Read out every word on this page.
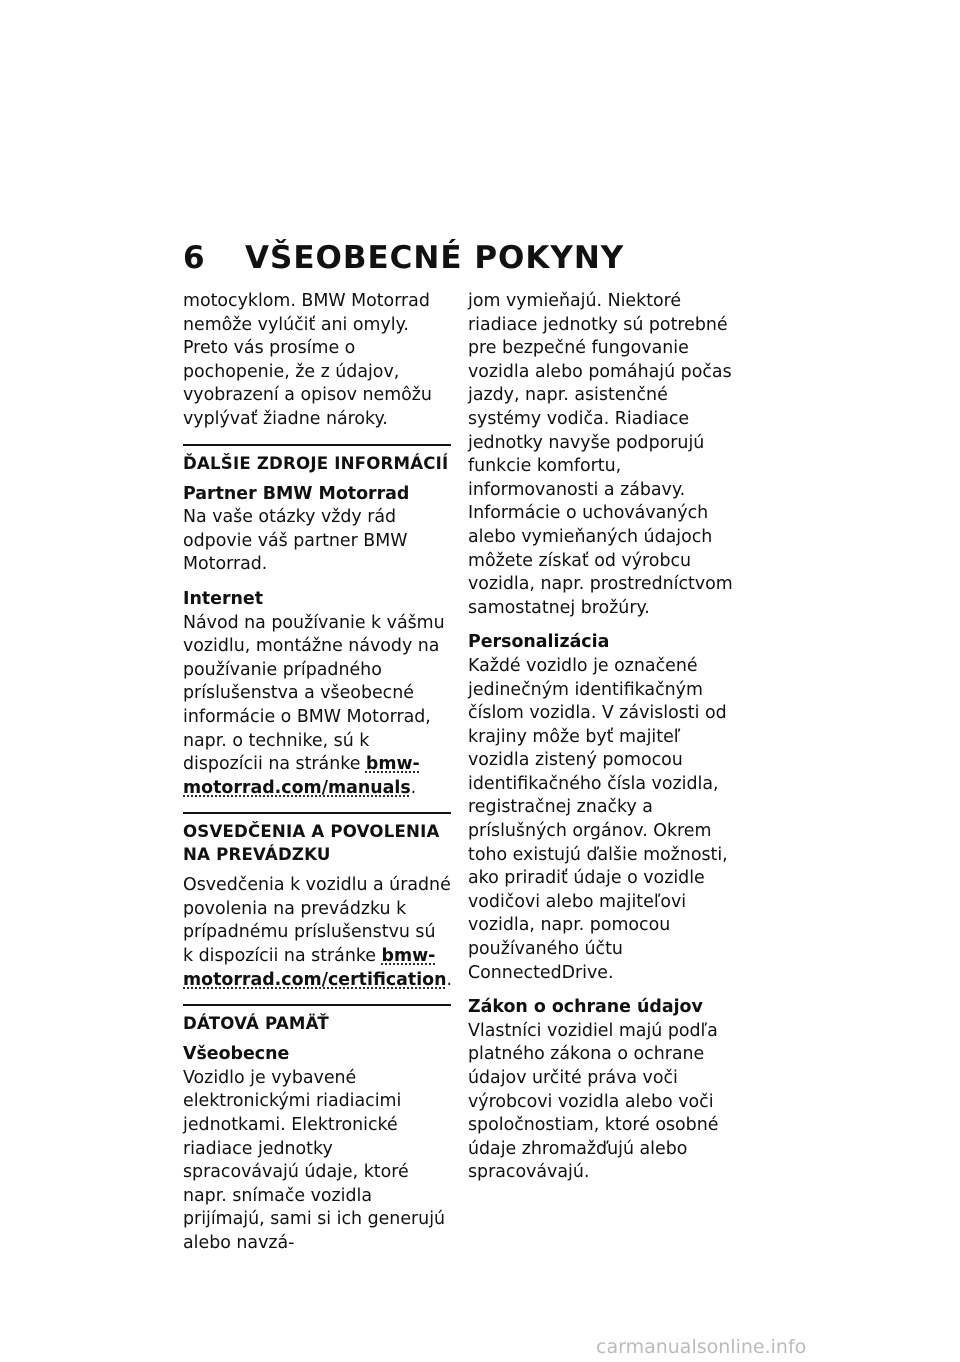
6 VŠEOBECNÉ POKYNY

motocyklom. BMW Motorrad nemôže vylúčiť ani omyly. Preto vás prosíme o pochopenie, že z údajov, vyobrazení a opisov nemôžu vyplývať žiadne nároky.

ĎALŠIE ZDROJE INFORMÁCIÍ
Partner BMW Motorrad

Na vaše otázky vždy rád odpovie váš partner BMW Motorrad.

Internet

Návod na používanie k vášmu vozidlu, montážne návody na používanie prípadného príslušenstva a všeobecné informácie o BMW Motorrad, napr. o technike, sú k dispozícii na stránke bmw-motorrad.com/manuals.

OSVEDČENIA A POVOLENIA NA PREVÁDZKU

Osvedčenia k vozidlu a úradné povolenia na prevádzku k prípadnému príslušenstvu sú k dispozícii na stránke bmw-motorrad.com/certification.

DÁTOVÁ PAMÄŤ
Všeobecne

Vozidlo je vybavené elektronickými riadiacimi jednotkami. Elektronické riadiace jednotky spracovávajú údaje, ktoré napr. snímače vozidla prijímajú, sami si ich generujú alebo navzá-

jom vymieňajú. Niektoré riadiace jednotky sú potrebné pre bezpečné fungovanie vozidla alebo pomáhajú počas jazdy, napr. asistenčné systémy vodiča. Riadiace jednotky navyše podporujú funkcie komfortu, informovanosti a zábavy. Informácie o uchovávaných alebo vymieňaných údajoch môžete získať od výrobcu vozidla, napr. prostredníctvom samostatnej brožúry.

Personalizácia

Každé vozidlo je označené jedinečným identifikačným číslom vozidla. V závislosti od krajiny môže byť majiteľ vozidla zistený pomocou identifikačného čísla vozidla, registračnej značky a príslušných orgánov. Okrem toho existujú ďalšie možnosti, ako priradiť údaje o vozidle vodičovi alebo majiteľovi vozidla, napr. pomocou používaného účtu ConnectedDrive.

Zákon o ochrane údajov

Vlastníci vozidiel majú podľa platného zákona o ochrane údajov určité práva voči výrobcovi vozidla alebo voči spoločnostiam, ktoré osobné údaje zhromažďujú alebo spracovávajú.

carmanualsonline.info
